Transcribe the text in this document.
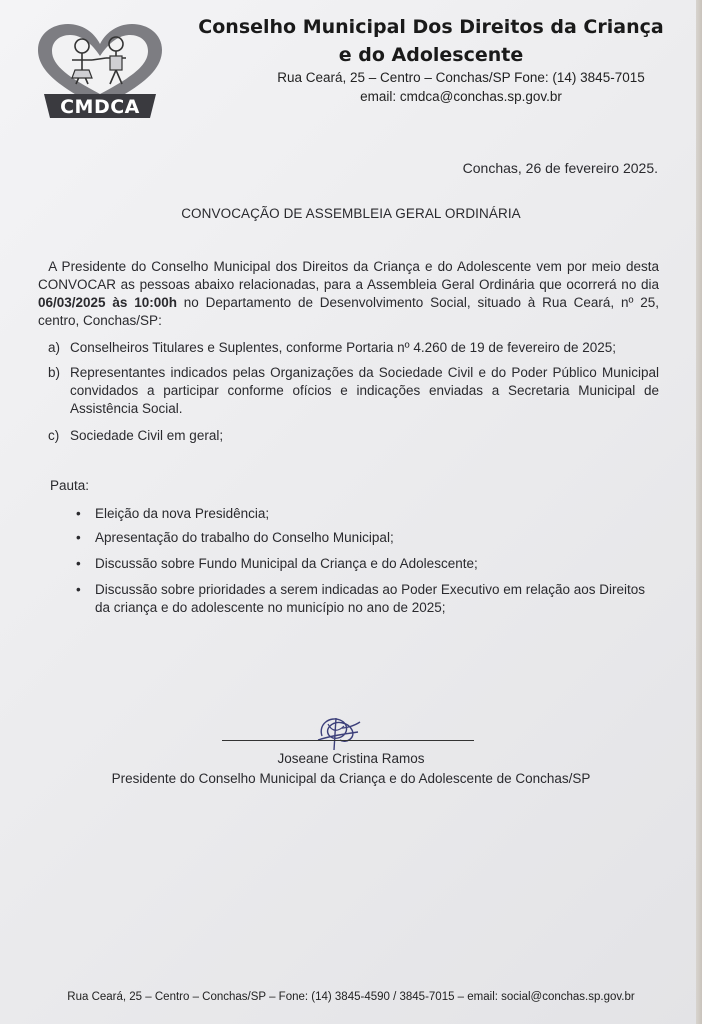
CMDCA
Conselho Municipal Dos Direitos da Criança
e do Adolescente
Rua Ceará, 25 – Centro – Conchas/SP Fone: (14) 3845-7015
email: cmdca@conchas.sp.gov.br
Conchas, 26 de fevereiro 2025.
CONVOCAÇÃO DE ASSEMBLEIA GERAL ORDINÁRIA
A Presidente do Conselho Municipal dos Direitos da Criança e do Adolescente vem por meio desta CONVOCAR as pessoas abaixo relacionadas, para a Assembleia Geral Ordinária que ocorrerá no dia 06/03/2025 às 10:00h no Departamento de Desenvolvimento Social, situado à Rua Ceará, nº 25, centro, Conchas/SP:
a) Conselheiros Titulares e Suplentes, conforme Portaria nº 4.260 de 19 de fevereiro de 2025;
b) Representantes indicados pelas Organizações da Sociedade Civil e do Poder Público Municipal convidados a participar conforme ofícios e indicações enviadas a Secretaria Municipal de Assistência Social.
c) Sociedade Civil em geral;
Pauta:
• Eleição da nova Presidência;
• Apresentação do trabalho do Conselho Municipal;
• Discussão sobre Fundo Municipal da Criança e do Adolescente;
• Discussão sobre prioridades a serem indicadas ao Poder Executivo em relação aos Direitos da criança e do adolescente no município no ano de 2025;
Joseane Cristina Ramos
Presidente do Conselho Municipal da Criança e do Adolescente de Conchas/SP
Rua Ceará, 25 – Centro – Conchas/SP – Fone: (14) 3845-4590 / 3845-7015 – email: social@conchas.sp.gov.br
